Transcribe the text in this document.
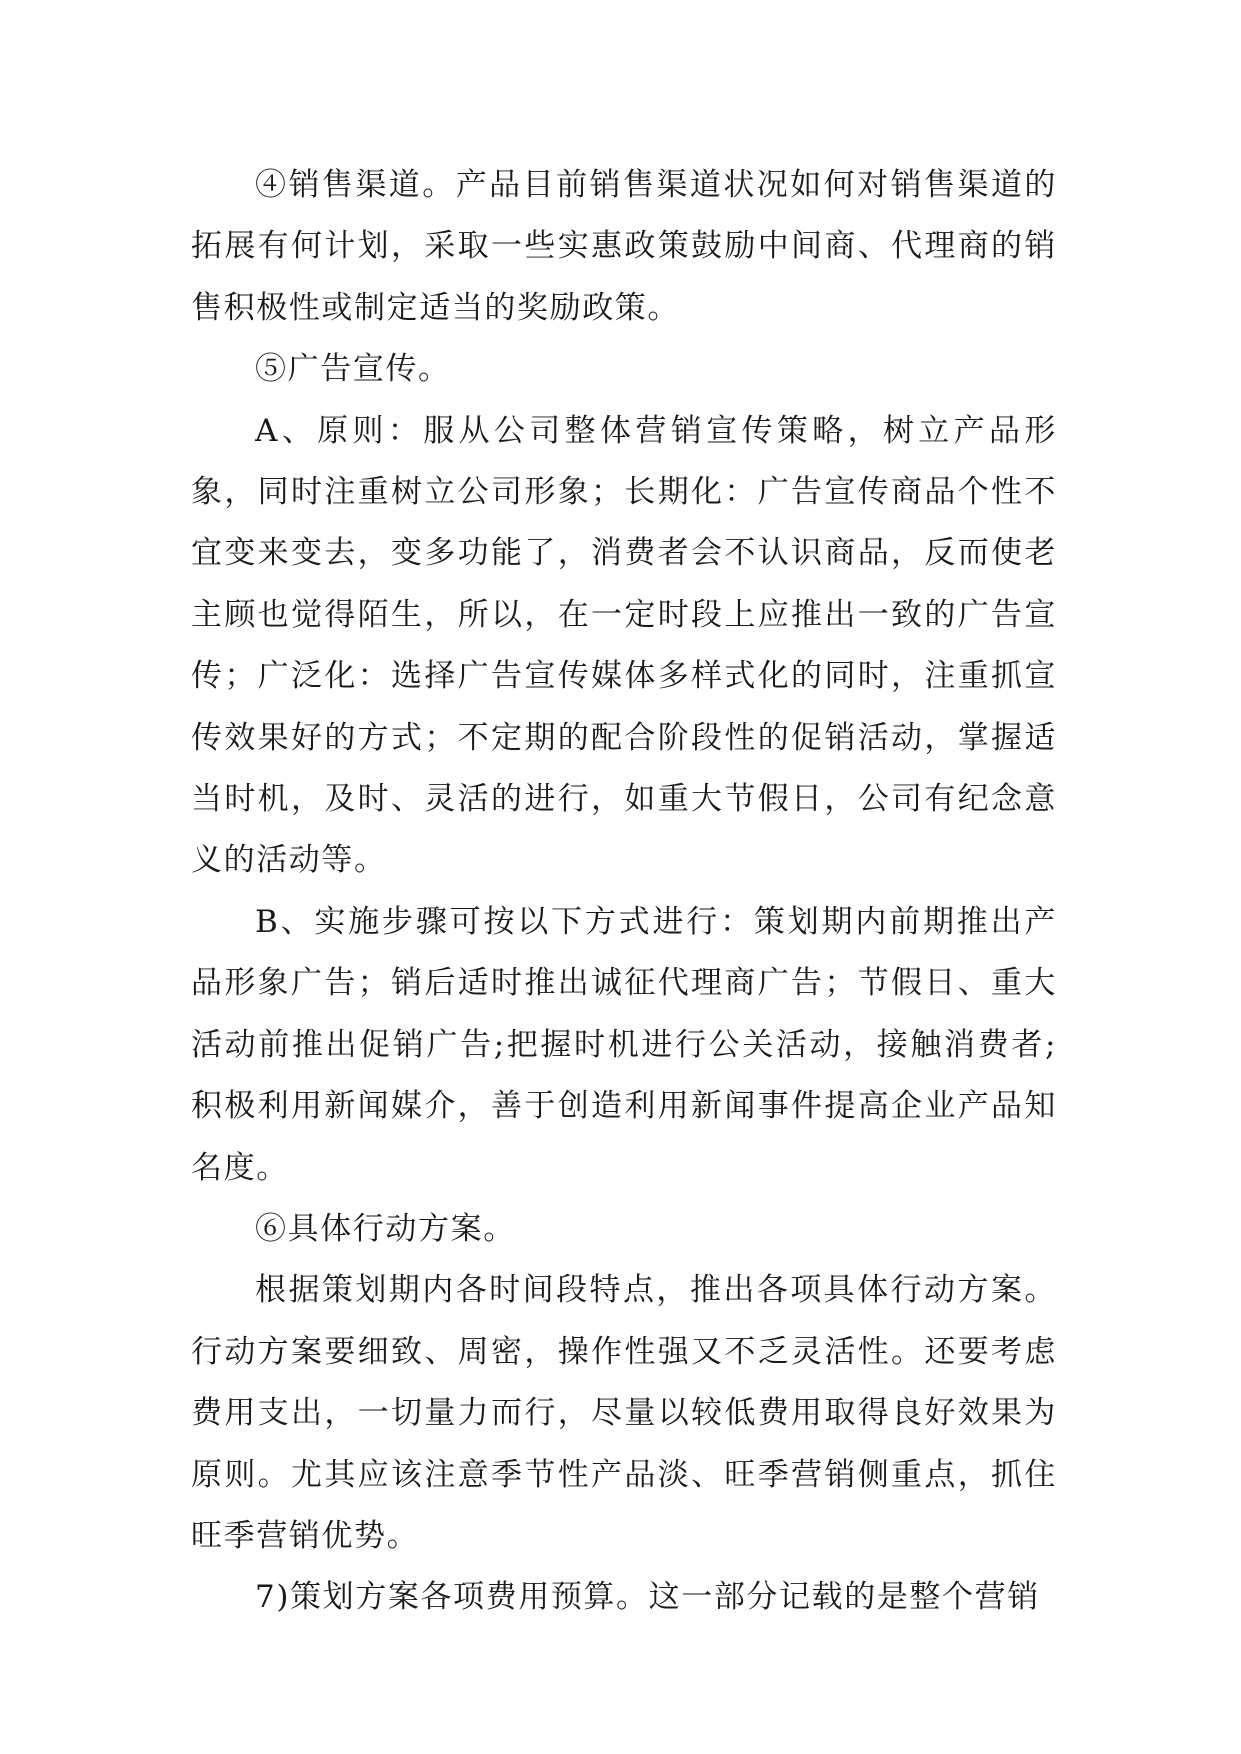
④销售渠道。产品目前销售渠道状况如何对销售渠道的拓展有何计划，采取一些实惠政策鼓励中间商、代理商的销售积极性或制定适当的奖励政策。

⑤广告宣传。

A、原则：服从公司整体营销宣传策略，树立产品形象，同时注重树立公司形象；长期化：广告宣传商品个性不宜变来变去，变多功能了，消费者会不认识商品，反而使老主顾也觉得陌生，所以，在一定时段上应推出一致的广告宣传；广泛化：选择广告宣传媒体多样式化的同时，注重抓宣传效果好的方式；不定期的配合阶段性的促销活动，掌握适当时机，及时、灵活的进行，如重大节假日，公司有纪念意义的活动等。

B、实施步骤可按以下方式进行：策划期内前期推出产品形象广告；销后适时推出诚征代理商广告；节假日、重大活动前推出促销广告;把握时机进行公关活动，接触消费者;积极利用新闻媒介，善于创造利用新闻事件提高企业产品知名度。

⑥具体行动方案。

根据策划期内各时间段特点，推出各项具体行动方案。行动方案要细致、周密，操作性强又不乏灵活性。还要考虑费用支出，一切量力而行，尽量以较低费用取得良好效果为原则。尤其应该注意季节性产品淡、旺季营销侧重点，抓住旺季营销优势。

7)策划方案各项费用预算。这一部分记载的是整个营销
